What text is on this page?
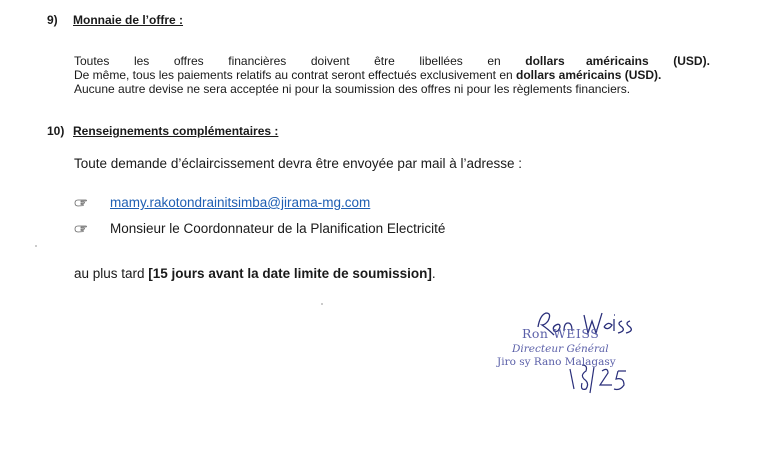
9) Monnaie de l’offre :
Toutes les offres financières doivent être libellées en dollars américains (USD).
De même, tous les paiements relatifs au contrat seront effectués exclusivement en dollars américains (USD).
Aucune autre devise ne sera acceptée ni pour la soumission des offres ni pour les règlements financiers.
10) Renseignements complémentaires :
Toute demande d’éclaircissement devra être envoyée par mail à l’adresse :
mamy.rakotondrainitsimba@jirama-mg.com
Monsieur le Coordonnateur de la Planification Electricité
au plus tard [15 jours avant la date limite de soumission].
Ron WEISS
Directeur Général
Jiro sy Rano Malagasy
